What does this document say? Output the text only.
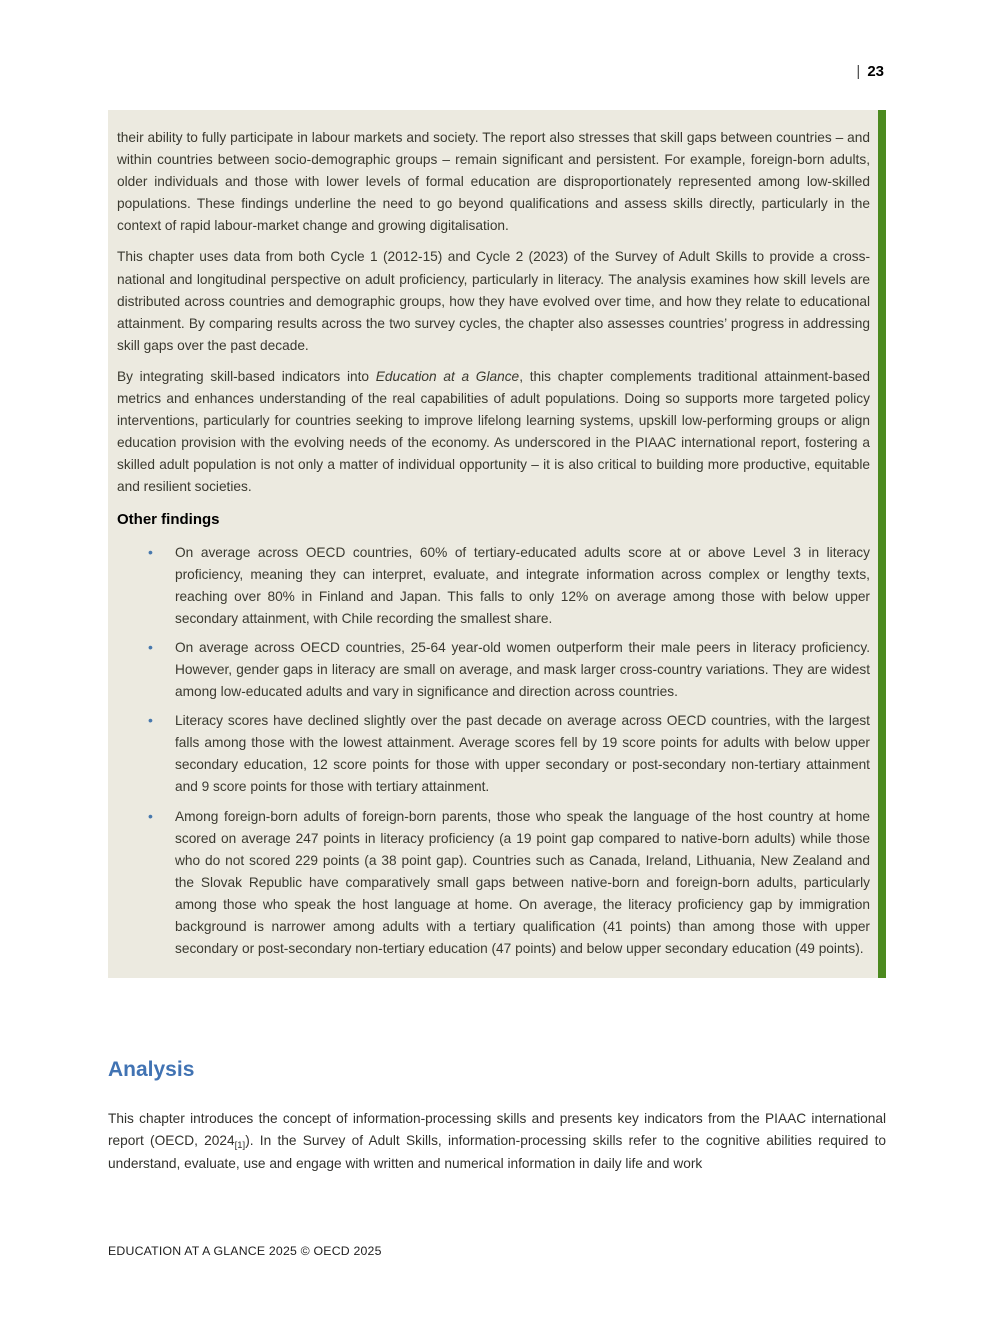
| 23

their ability to fully participate in labour markets and society. The report also stresses that skill gaps between countries – and within countries between socio-demographic groups – remain significant and persistent. For example, foreign-born adults, older individuals and those with lower levels of formal education are disproportionately represented among low-skilled populations. These findings underline the need to go beyond qualifications and assess skills directly, particularly in the context of rapid labour-market change and growing digitalisation.

This chapter uses data from both Cycle 1 (2012-15) and Cycle 2 (2023) of the Survey of Adult Skills to provide a cross-national and longitudinal perspective on adult proficiency, particularly in literacy. The analysis examines how skill levels are distributed across countries and demographic groups, how they have evolved over time, and how they relate to educational attainment. By comparing results across the two survey cycles, the chapter also assesses countries’ progress in addressing skill gaps over the past decade.

By integrating skill-based indicators into Education at a Glance, this chapter complements traditional attainment-based metrics and enhances understanding of the real capabilities of adult populations. Doing so supports more targeted policy interventions, particularly for countries seeking to improve lifelong learning systems, upskill low-performing groups or align education provision with the evolving needs of the economy. As underscored in the PIAAC international report, fostering a skilled adult population is not only a matter of individual opportunity – it is also critical to building more productive, equitable and resilient societies.

Other findings
• On average across OECD countries, 60% of tertiary-educated adults score at or above Level 3 in literacy proficiency, meaning they can interpret, evaluate, and integrate information across complex or lengthy texts, reaching over 80% in Finland and Japan. This falls to only 12% on average among those with below upper secondary attainment, with Chile recording the smallest share.
• On average across OECD countries, 25-64 year-old women outperform their male peers in literacy proficiency. However, gender gaps in literacy are small on average, and mask larger cross-country variations. They are widest among low-educated adults and vary in significance and direction across countries.
• Literacy scores have declined slightly over the past decade on average across OECD countries, with the largest falls among those with the lowest attainment. Average scores fell by 19 score points for adults with below upper secondary education, 12 score points for those with upper secondary or post-secondary non-tertiary attainment and 9 score points for those with tertiary attainment.
• Among foreign-born adults of foreign-born parents, those who speak the language of the host country at home scored on average 247 points in literacy proficiency (a 19 point gap compared to native-born adults) while those who do not scored 229 points (a 38 point gap). Countries such as Canada, Ireland, Lithuania, New Zealand and the Slovak Republic have comparatively small gaps between native-born and foreign-born adults, particularly among those who speak the host language at home. On average, the literacy proficiency gap by immigration background is narrower among adults with a tertiary qualification (41 points) than among those with upper secondary or post-secondary non-tertiary education (47 points) and below upper secondary education (49 points).
Analysis

This chapter introduces the concept of information-processing skills and presents key indicators from the PIAAC international report (OECD, $2024_{[1]}$). In the Survey of Adult Skills, information-processing skills refer to the cognitive abilities required to understand, evaluate, use and engage with written and numerical information in daily life and work

EDUCATION AT A GLANCE 2025 © OECD 2025
